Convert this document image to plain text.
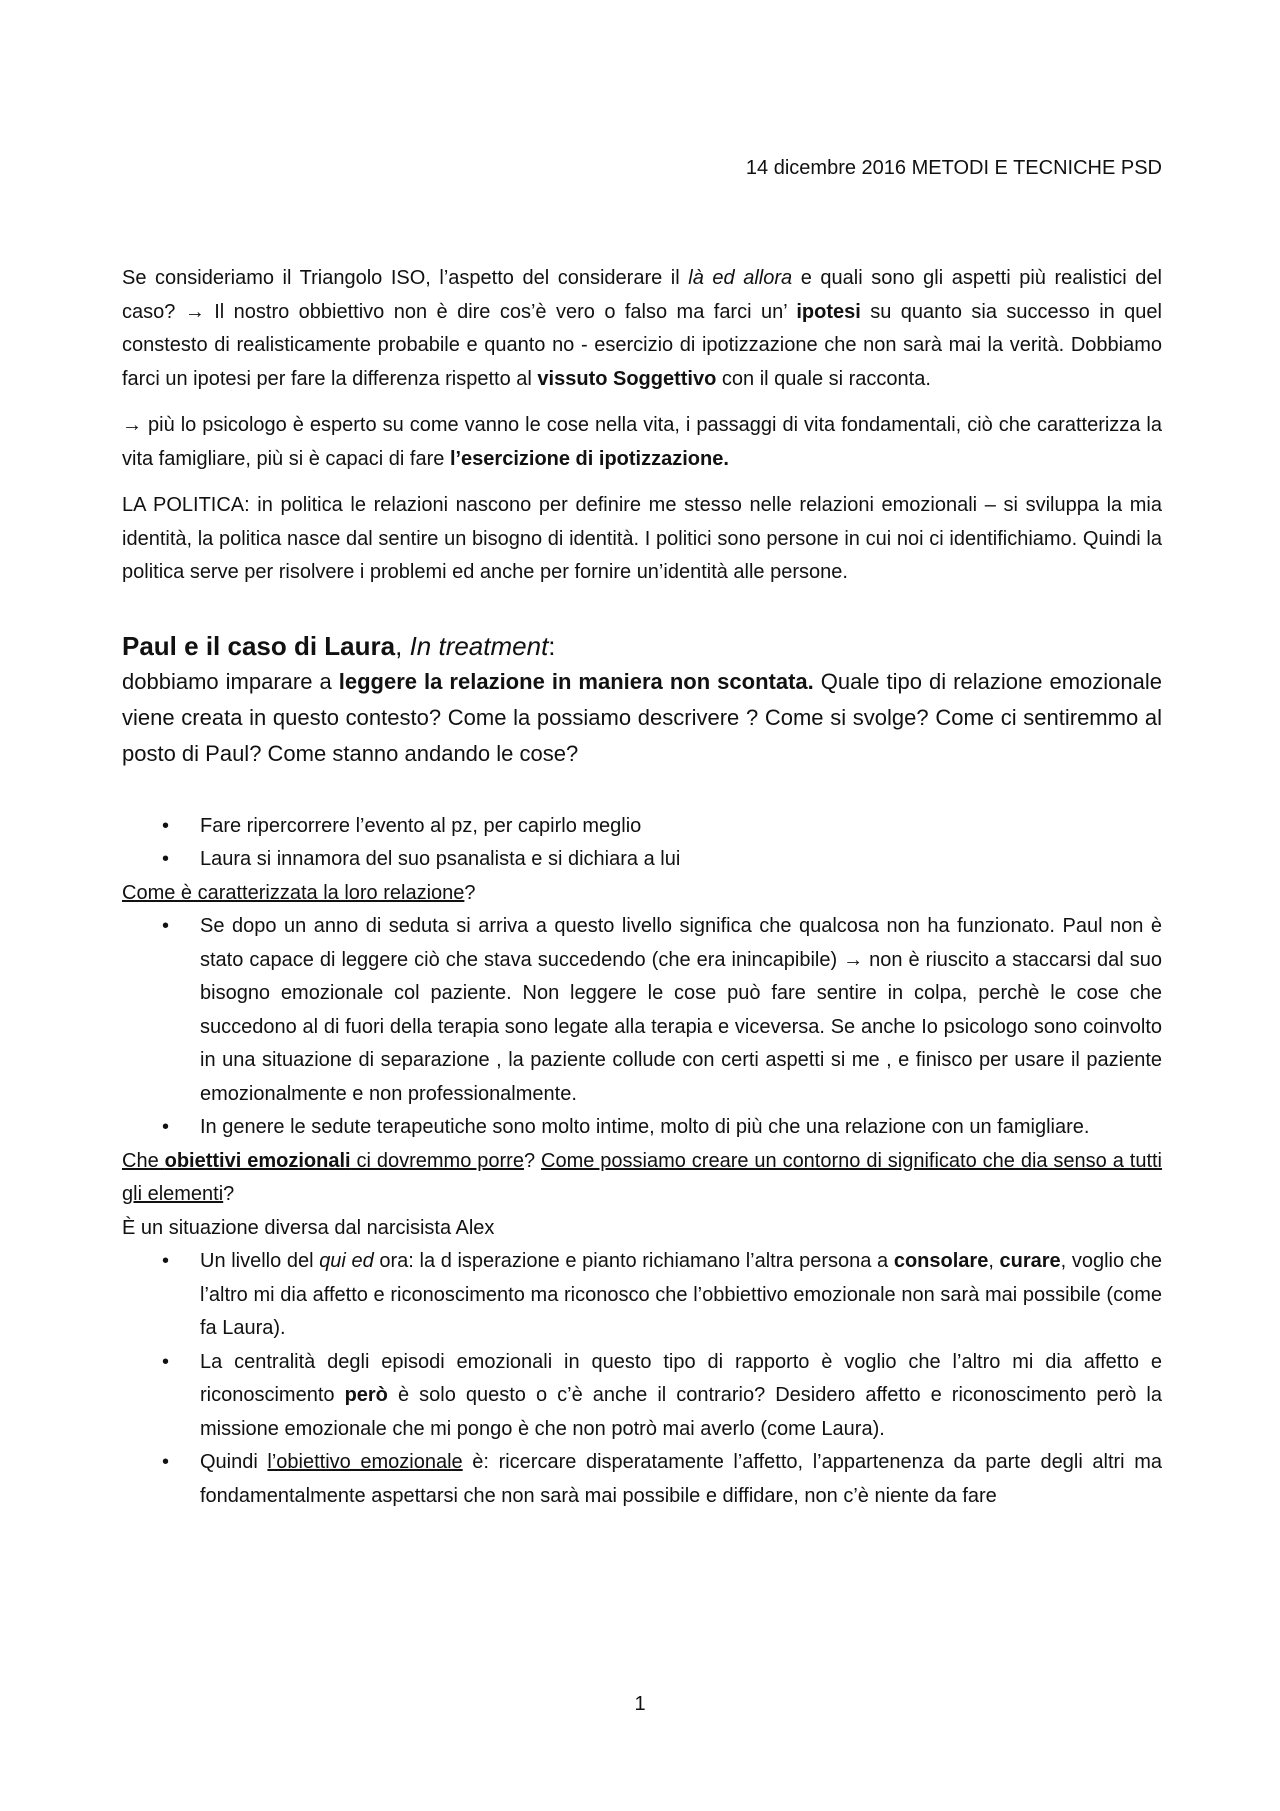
14 dicembre 2016 METODI E TECNICHE PSD

Se consideriamo il Triangolo ISO, l’aspetto del considerare il là ed allora e quali sono gli aspetti più realistici del caso? → Il nostro obbiettivo non è dire cos’è vero o falso ma farci un’ ipotesi su quanto sia successo in quel constesto di realisticamente probabile e quanto no - esercizio di ipotizzazione che non sarà mai la verità. Dobbiamo farci un ipotesi per fare la differenza rispetto al vissuto Soggettivo con il quale si racconta.

→ più lo psicologo è esperto su come vanno le cose nella vita, i passaggi di vita fondamentali, ciò che caratterizza la vita famigliare, più si è capaci di fare l’esercizione di ipotizzazione.

LA POLITICA: in politica le relazioni nascono per definire me stesso nelle relazioni emozionali – si sviluppa la mia identità, la politica nasce dal sentire un bisogno di identità. I politici sono persone in cui noi ci identifichiamo. Quindi la politica serve per risolvere i problemi ed anche per fornire un’identità alle persone.

Paul e il caso di Laura, In treatment:

dobbiamo imparare a leggere la relazione in maniera non scontata. Quale tipo di relazione emozionale viene creata in questo contesto? Come la possiamo descrivere ? Come si svolge? Come ci sentiremmo al posto di Paul? Come stanno andando le cose?

• Fare ripercorrere l’evento al pz, per capirlo meglio
• Laura si innamora del suo psanalista e si dichiara a lui

Come è caratterizzata la loro relazione?

• Se dopo un anno di seduta si arriva a questo livello significa che qualcosa non ha funzionato. Paul non è stato capace di leggere ciò che stava succedendo (che era inincapibile) → non è riuscito a staccarsi dal suo bisogno emozionale col paziente. Non leggere le cose può fare sentire in colpa, perchè le cose che succedono al di fuori della terapia sono legate alla terapia e viceversa. Se anche Io psicologo sono coinvolto in una situazione di separazione , la paziente collude con certi aspetti si me , e finisco per usare il paziente emozionalmente e non professionalmente.
• In genere le sedute terapeutiche sono molto intime, molto di più che una relazione con un famigliare.

Che obiettivi emozionali ci dovremmo porre? Come possiamo creare un contorno di significato che dia senso a tutti gli elementi?

È un situazione diversa dal narcisista Alex

• Un livello del qui ed ora: la d isperazione e pianto richiamano l’altra persona a consolare, curare, voglio che l’altro mi dia affetto e riconoscimento ma riconosco che l’obbiettivo emozionale non sarà mai possibile (come fa Laura).
• La centralità degli episodi emozionali in questo tipo di rapporto è voglio che l’altro mi dia affetto e riconoscimento però è solo questo o c’è anche il contrario? Desidero affetto e riconoscimento però la missione emozionale che mi pongo è che non potrò mai averlo (come Laura).
• Quindi l’obiettivo emozionale è: ricercare disperatamente l’affetto, l’appartenenza da parte degli altri ma fondamentalmente aspettarsi che non sarà mai possibile e diffidare, non c’è niente da fare
1
